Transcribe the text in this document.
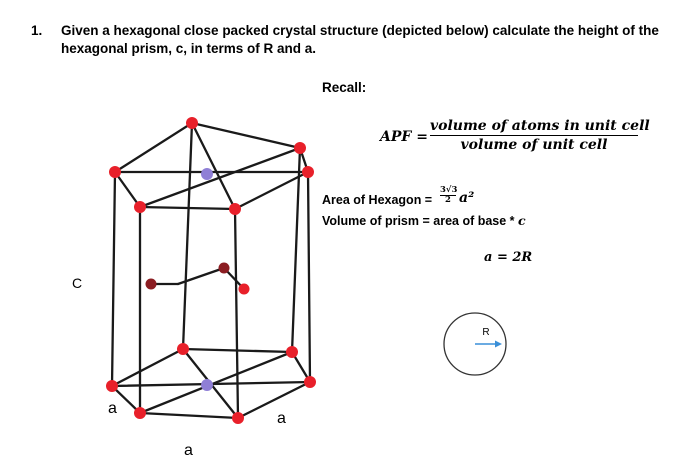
1. Given a hexagonal close packed crystal structure (depicted below) calculate the height of the hexagonal prism, c, in terms of R and a.
Recall:
APF =
volume of atoms in unit cell
volume of unit cell
Area of Hexagon = $\frac{3√3}{2} a^2$
Volume of prism = area of base * c
a = 2R
R
C
a
a
a
